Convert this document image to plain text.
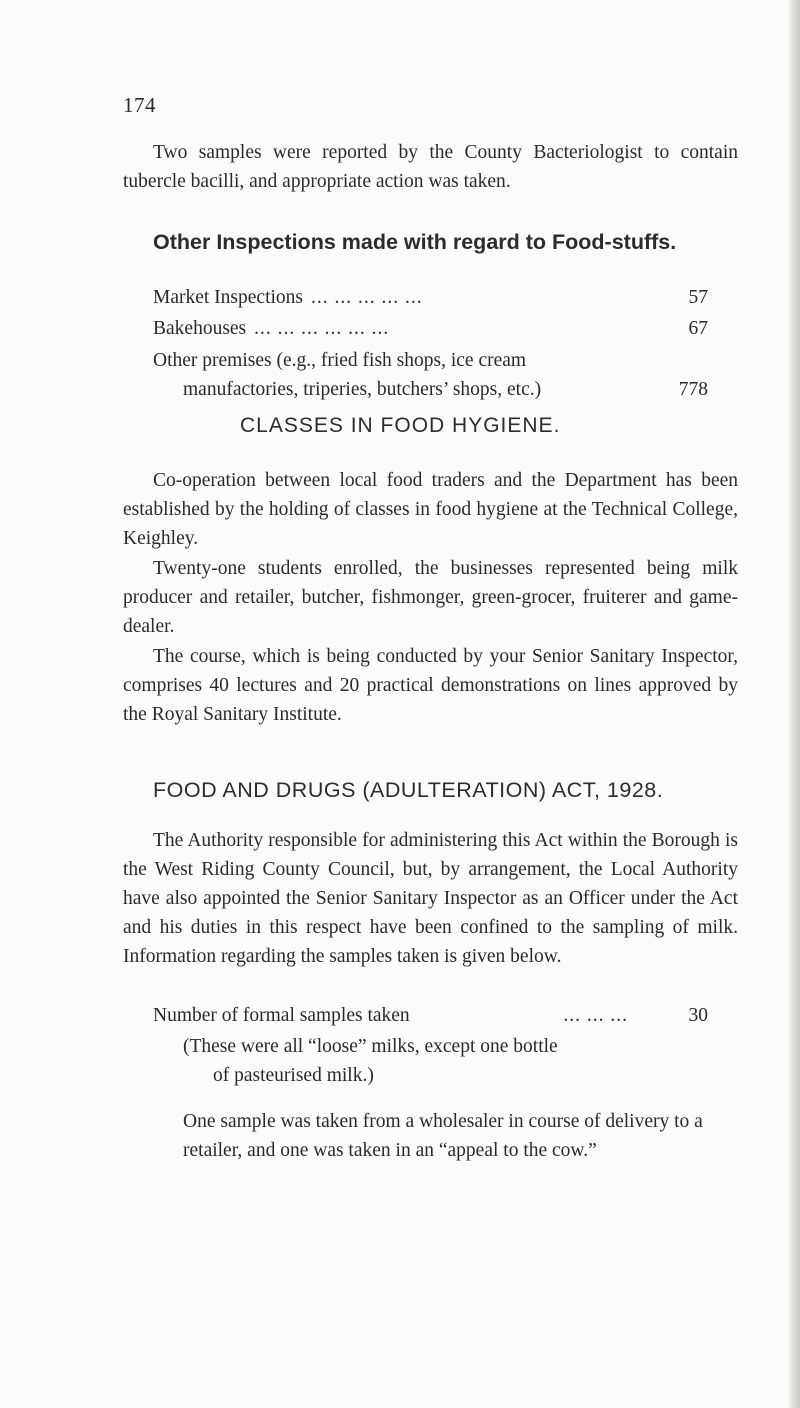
174

Two samples were reported by the County Bacteriologist to contain tubercle bacilli, and appropriate action was taken.

Other Inspections made with regard to Food-stuffs.
Market Inspections ... ... ... ... ...	57
Bakehouses ... ... ... ... ... ...	67
Other premises (e.g., fried fish shops, ice cream
manufactories, triperies, butchers’ shops, etc.)	778
CLASSES IN FOOD HYGIENE.

Co-operation between local food traders and the Department has been established by the holding of classes in food hygiene at the Technical College, Keighley.

Twenty-one students enrolled, the businesses represented being milk producer and retailer, butcher, fishmonger, green-grocer, fruiterer and game-dealer.

The course, which is being conducted by your Senior Sanitary Inspector, comprises 40 lectures and 20 practical demonstrations on lines approved by the Royal Sanitary Institute.

FOOD AND DRUGS (ADULTERATION) ACT, 1928.

The Authority responsible for administering this Act within the Borough is the West Riding County Council, but, by arrangement, the Local Authority have also appointed the Senior Sanitary Inspector as an Officer under the Act and his duties in this respect have been confined to the sampling of milk. Information regarding the samples taken is given below.

Number of formal samples taken	... ... ...	30
(These were all “loose” milks, except one bottle
of pasteurised milk.)

One sample was taken from a wholesaler in course of delivery to a retailer, and one was taken in an “appeal to the cow.”
